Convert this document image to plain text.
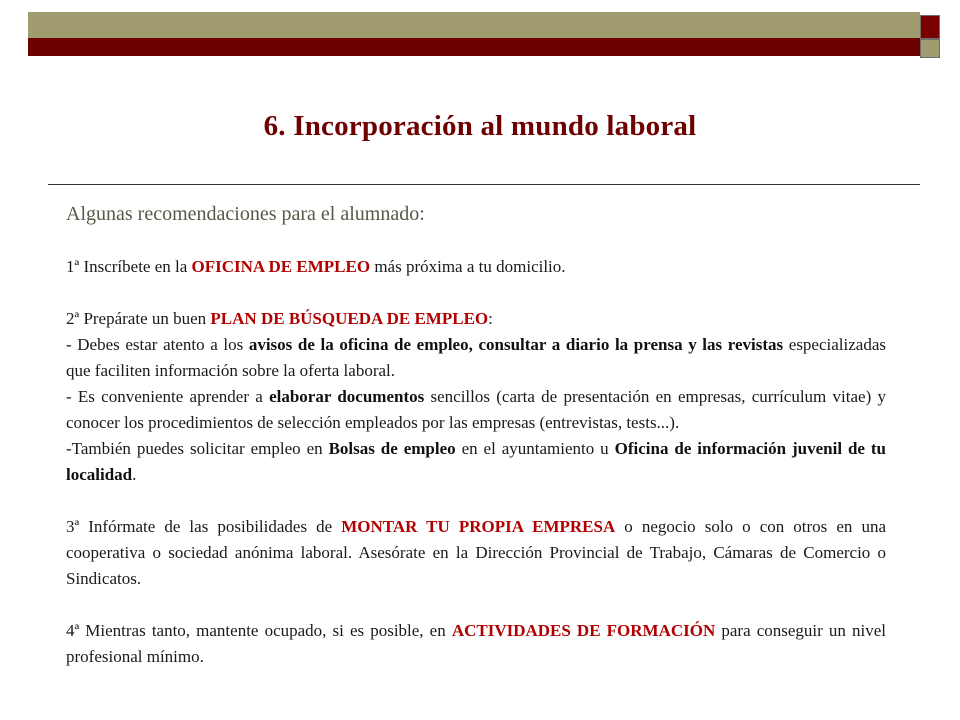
6. Incorporación al mundo laboral
Algunas recomendaciones para el alumnado:

1ª Inscríbete en la OFICINA DE EMPLEO más próxima a tu domicilio.

2ª Prepárate un buen PLAN DE BÚSQUEDA DE EMPLEO:

- Debes estar atento a los avisos de la oficina de empleo, consultar a diario la prensa y las revistas especializadas que faciliten información sobre la oferta laboral.

- Es conveniente aprender a elaborar documentos sencillos (carta de presentación en empresas, currículum vitae) y conocer los procedimientos de selección empleados por las empresas (entrevistas, tests...).

-También puedes solicitar empleo en Bolsas de empleo en el ayuntamiento u Oficina de información juvenil de tu localidad.

3ª Infórmate de las posibilidades de MONTAR TU PROPIA EMPRESA o negocio solo o con otros en una cooperativa o sociedad anónima laboral. Asesórate en la Dirección Provincial de Trabajo, Cámaras de Comercio o Sindicatos.

4ª Mientras tanto, mantente ocupado, si es posible, en ACTIVIDADES DE FORMACIÓN para conseguir un nivel profesional mínimo.
